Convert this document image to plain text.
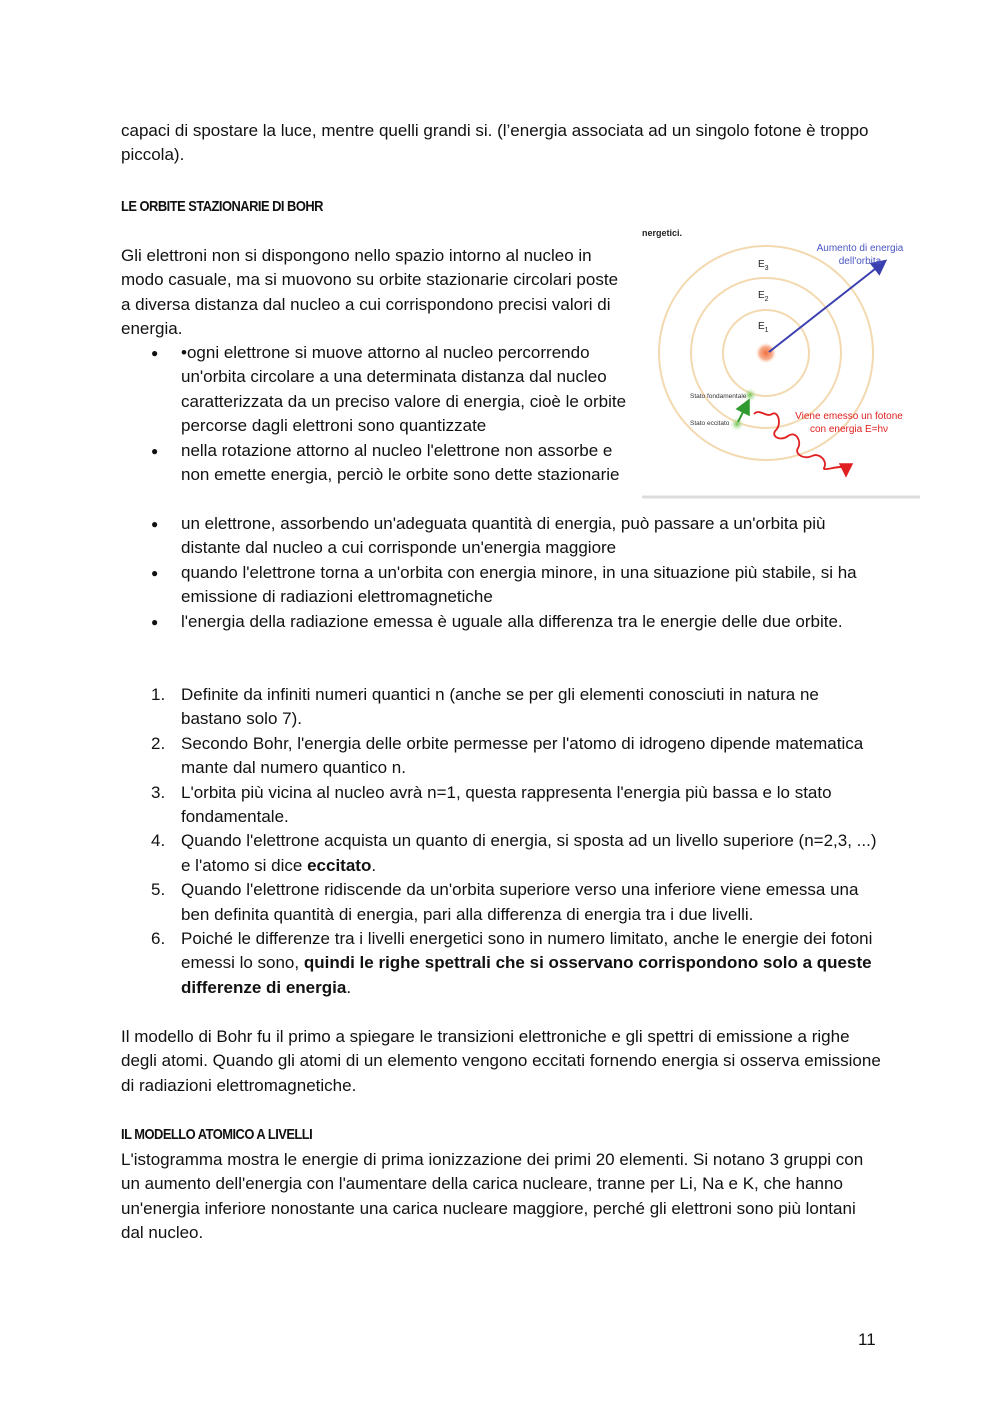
capaci di spostare la luce, mentre quelli grandi si. (l’energia associata ad un singolo fotone è troppo piccola).

LE ORBITE STAZIONARIE DI BOHR

Gli elettroni non si dispongono nello spazio intorno al nucleo in modo casuale, ma si muovono su orbite stazionarie circolari poste a diversa distanza dal nucleo a cui corrispondono precisi valori di energia.

● •ogni elettrone si muove attorno al nucleo percorrendo un'orbita circolare a una determinata distanza dal nucleo caratterizzata da un preciso valore di energia, cioè le orbite percorse dagli elettroni sono quantizzate
● nella rotazione attorno al nucleo l'elettrone non assorbe e non emette energia, perciò le orbite sono dette stazionarie
● un elettrone, assorbendo un'adeguata quantità di energia, può passare a un'orbita più distante dal nucleo a cui corrisponde un'energia maggiore
● quando l'elettrone torna a un'orbita con energia minore, in una situazione più stabile, si ha emissione di radiazioni elettromagnetiche
● l'energia della radiazione emessa è uguale alla differenza tra le energie delle due orbite.
1. Definite da infiniti numeri quantici n (anche se per gli elementi conosciuti in natura ne bastano solo 7).
2. Secondo Bohr, l'energia delle orbite permesse per l'atomo di idrogeno dipende matematica mante dal numero quantico n.
3. L'orbita più vicina al nucleo avrà n=1, questa rappresenta l'energia più bassa e lo stato fondamentale.
4. Quando l'elettrone acquista un quanto di energia, si sposta ad un livello superiore (n=2,3, ...) e l'atomo si dice eccitato.
5. Quando l'elettrone ridiscende da un'orbita superiore verso una inferiore viene emessa una ben definita quantità di energia, pari alla differenza di energia tra i due livelli.
6. Poiché le differenze tra i livelli energetici sono in numero limitato, anche le energie dei fotoni emessi lo sono, quindi le righe spettrali che si osservano corrispondono solo a queste differenze di energia.

Il modello di Bohr fu il primo a spiegare le transizioni elettroniche e gli spettri di emissione a righe degli atomi. Quando gli atomi di un elemento vengono eccitati fornendo energia si osserva emissione di radiazioni elettromagnetiche.

IL MODELLO ATOMICO A LIVELLI

L'istogramma mostra le energie di prima ionizzazione dei primi 20 elementi. Si notano 3 gruppi con un aumento dell'energia con l'aumentare della carica nucleare, tranne per Li, Na e K, che hanno un'energia inferiore nonostante una carica nucleare maggiore, perché gli elettroni sono più lontani dal nucleo.

nergetici.
$E_3$
$E_2$
$E_1$
Aumento di energia
dell'orbita
Stato fondamentale
Stato eccitato
Viene emesso un fotone
con energia E=hν
11
